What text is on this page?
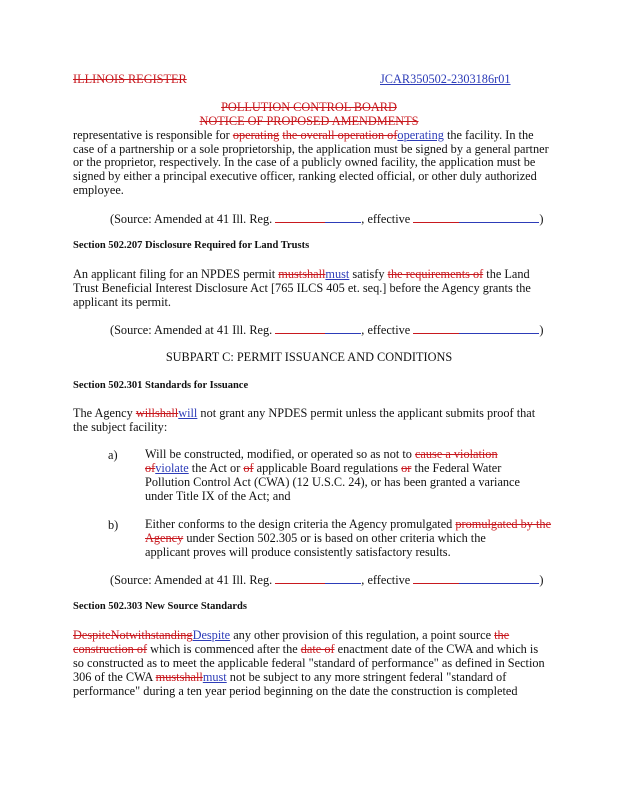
ILLINOIS REGISTER	JCAR350502-2303186r01
POLLUTION CONTROL BOARD
NOTICE OF PROPOSED AMENDMENTS
representative is responsible for operating the overall operation ofoperating the facility. In the
case of a partnership or a sole proprietorship, the application must be signed by a general partner
or the proprietor, respectively. In the case of a publicly owned facility, the application must be
signed by either a principal executive officer, ranking elected official, or other duly authorized
employee.
(Source: Amended at 41 Ill. Reg.	, effective	)
Section 502.207 Disclosure Required for Land Trusts
An applicant filing for an NPDES permit mustshallmust satisfy the requirements of the Land
Trust Beneficial Interest Disclosure Act [765 ILCS 405 et. seq.] before the Agency grants the
applicant its permit.
(Source: Amended at 41 Ill. Reg.	, effective	)
SUBPART C: PERMIT ISSUANCE AND CONDITIONS
Section 502.301 Standards for Issuance
The Agency willshallwill not grant any NPDES permit unless the applicant submits proof that
the subject facility:
a) Will be constructed, modified, or operated so as not to cause a violation
ofviolate the Act or of applicable Board regulations or the Federal Water
Pollution Control Act (CWA) (12 U.S.C. 24), or has been granted a variance
under Title IX of the Act; and
b) Either conforms to the design criteria the Agency promulgated promulgated by the
Agency under Section 502.305 or is based on other criteria which the
applicant proves will produce consistently satisfactory results.
(Source: Amended at 41 Ill. Reg.	, effective	)
Section 502.303 New Source Standards
DespiteNotwithstandingDespite any other provision of this regulation, a point source the
construction of which is commenced after the date of enactment date of the CWA and which is
so constructed as to meet the applicable federal "standard of performance" as defined in Section
306 of the CWA mustshallmust not be subject to any more stringent federal "standard of
performance" during a ten year period beginning on the date the construction is completed
